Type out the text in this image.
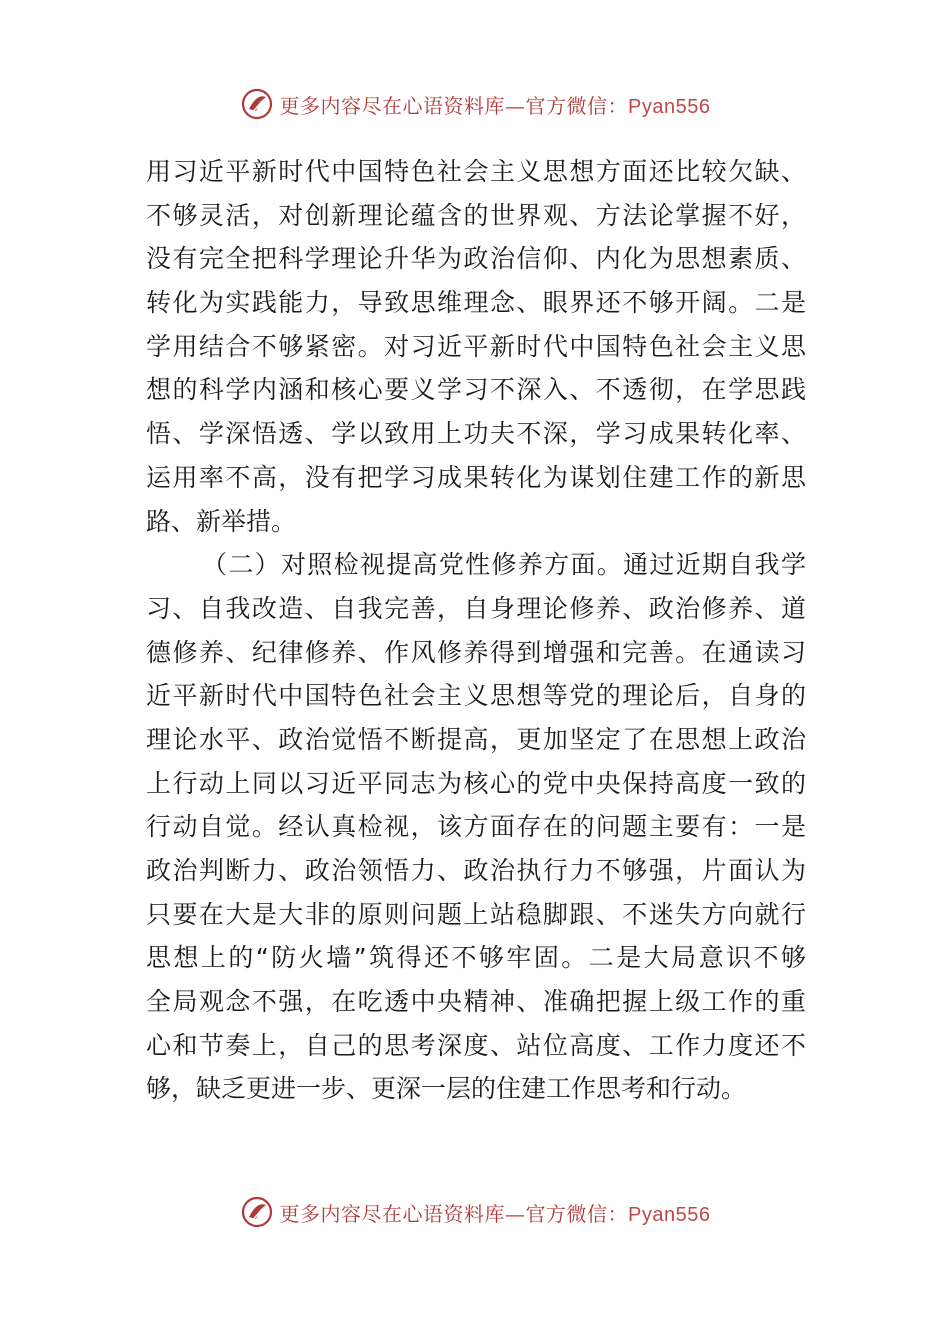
更多内容尽在心语资料库—官方微信：Pyan556
用习近平新时代中国特色社会主义思想方面还比较欠缺、
不够灵活，对创新理论蕴含的世界观、方法论掌握不好，
没有完全把科学理论升华为政治信仰、内化为思想素质、
转化为实践能力，导致思维理念、眼界还不够开阔。二是
学用结合不够紧密。对习近平新时代中国特色社会主义思
想的科学内涵和核心要义学习不深入、不透彻，在学思践
悟、学深悟透、学以致用上功夫不深，学习成果转化率、
运用率不高，没有把学习成果转化为谋划住建工作的新思
路、新举措。
（二）对照检视提高党性修养方面。通过近期自我学
习、自我改造、自我完善，自身理论修养、政治修养、道
德修养、纪律修养、作风修养得到增强和完善。在通读习
近平新时代中国特色社会主义思想等党的理论后，自身的
理论水平、政治觉悟不断提高，更加坚定了在思想上政治
上行动上同以习近平同志为核心的党中央保持高度一致的
行动自觉。经认真检视，该方面存在的问题主要有：一是
政治判断力、政治领悟力、政治执行力不够强，片面认为
只要在大是大非的原则问题上站稳脚跟、不迷失方向就行
思想上的“防火墙”筑得还不够牢固。二是大局意识不够
全局观念不强，在吃透中央精神、准确把握上级工作的重
心和节奏上，自己的思考深度、站位高度、工作力度还不
够，缺乏更进一步、更深一层的住建工作思考和行动。
更多内容尽在心语资料库—官方微信：Pyan556
